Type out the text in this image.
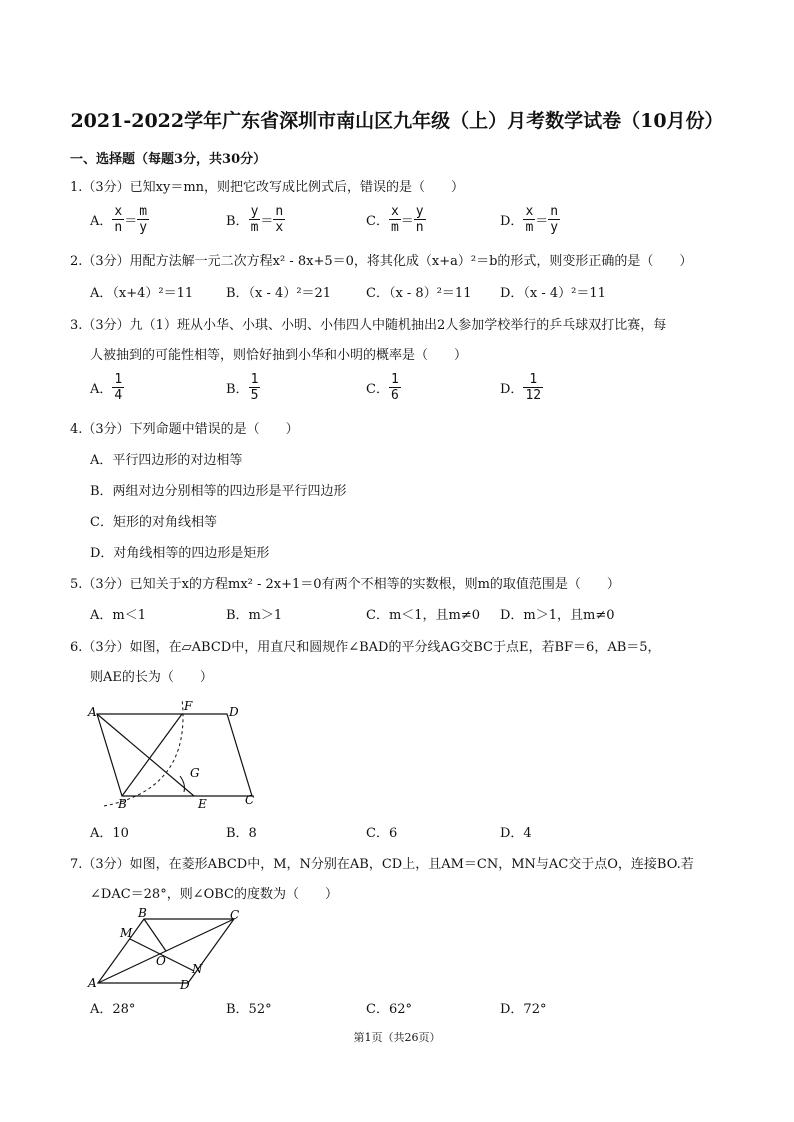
2021-2022学年广东省深圳市南山区九年级（上）月考数学试卷（10月份）
一、选择题（每题3分，共30分）
1.（3分）已知xy＝mn，则把它改写成比例式后，错误的是（　　）
A． $\frac{x}{n} = \frac{m}{y}$	B． $\frac{y}{m} = \frac{n}{x}$	C． $\frac{x}{m} = \frac{y}{n}$	D． $\frac{x}{m} = \frac{n}{y}$
2.（3分）用配方法解一元二次方程x² - 8x+5＝0，将其化成（x+a）²＝b的形式，则变形正确的是（　　）
A．（x+4）²＝11	B．（x - 4）²＝21	C．（x - 8）²＝11 D．（x - 4）²＝11
3.（3分）九（1）班从小华、小琪、小明、小伟四人中随机抽出2人参加学校举行的乒乓球双打比赛，每
人被抽到的可能性相等，则恰好抽到小华和小明的概率是（　　）
A． $\frac{1}{4}$	B． $\frac{1}{5}$	C． $\frac{1}{6}$	D． $\frac{1}{12}$
4.（3分）下列命题中错误的是（　　）
A．平行四边形的对边相等
B．两组对边分别相等的四边形是平行四边形
C．矩形的对角线相等
D．对角线相等的四边形是矩形
5.（3分）已知关于x的方程mx² - 2x+1＝0有两个不相等的实数根，则m的取值范围是（　　）
A．m＜1	B．m＞1	C．m＜1，且m≠0 D．m＞1，且m≠0
6.（3分）如图，在▱ABCD中，用直尺和圆规作∠BAD的平分线AG交BC于点E，若BF＝6，AB＝5，
则AE的长为（　　）
A	F	D
G
B	E	C
A．10	B．8	C．6	D．4
7.（3分）如图，在菱形ABCD中，M，N分别在AB，CD上，且AM＝CN，MN与AC交于点O，连接BO.若
∠DAC＝28°，则∠OBC的度数为（　　）
B	C
M
O
N
A	D
A．28°	B．52°	C．62°	D．72°
第1页（共26页）
